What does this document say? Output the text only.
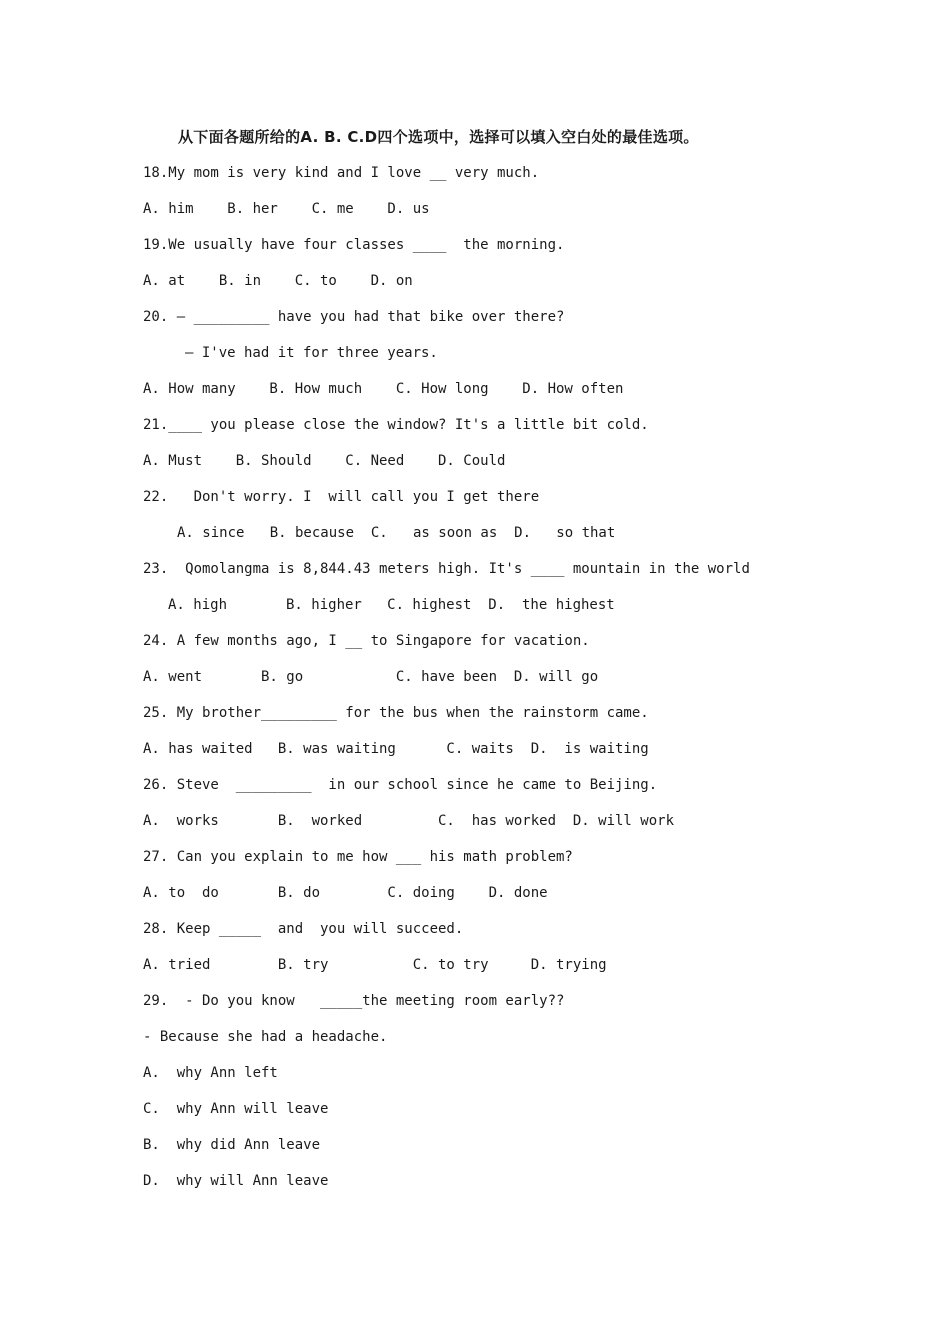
从下面各题所给的A. B. C.D四个选项中，选择可以填入空白处的最佳选项。
18.My mom is very kind and I love __ very much.
A. him    B. her    C. me    D. us
19.We usually have four classes ____  the morning.
A. at    B. in    C. to    D. on
20. — _________ have you had that bike over there?
— I've had it for three years.
A. How many    B. How much    C. How long    D. How often
21.____ you please close the window? It's a little bit cold.
A. Must    B. Should    C. Need    D. Could
22.   Don't worry. I  will call you I get there
A. since   B. because  C.   as soon as  D.   so that
23.  Qomolangma is 8,844.43 meters high. It's ____ mountain in the world
A. high       B. higher   C. highest  D.  the highest
24. A few months ago, I __ to Singapore for vacation.
A. went       B. go           C. have been  D. will go
25. My brother_________ for the bus when the rainstorm came.
A. has waited   B. was waiting      C. waits  D.  is waiting
26. Steve  _________  in our school since he came to Beijing.
A.  works       B.  worked         C.  has worked  D. will work
27. Can you explain to me how ___ his math problem?
A. to  do       B. do        C. doing    D. done
28. Keep _____  and  you will succeed.
A. tried        B. try          C. to try     D. trying
29.  - Do you know   _____the meeting room early??
- Because she had a headache.
A.  why Ann left
C.  why Ann will leave
B.  why did Ann leave
D.  why will Ann leave
